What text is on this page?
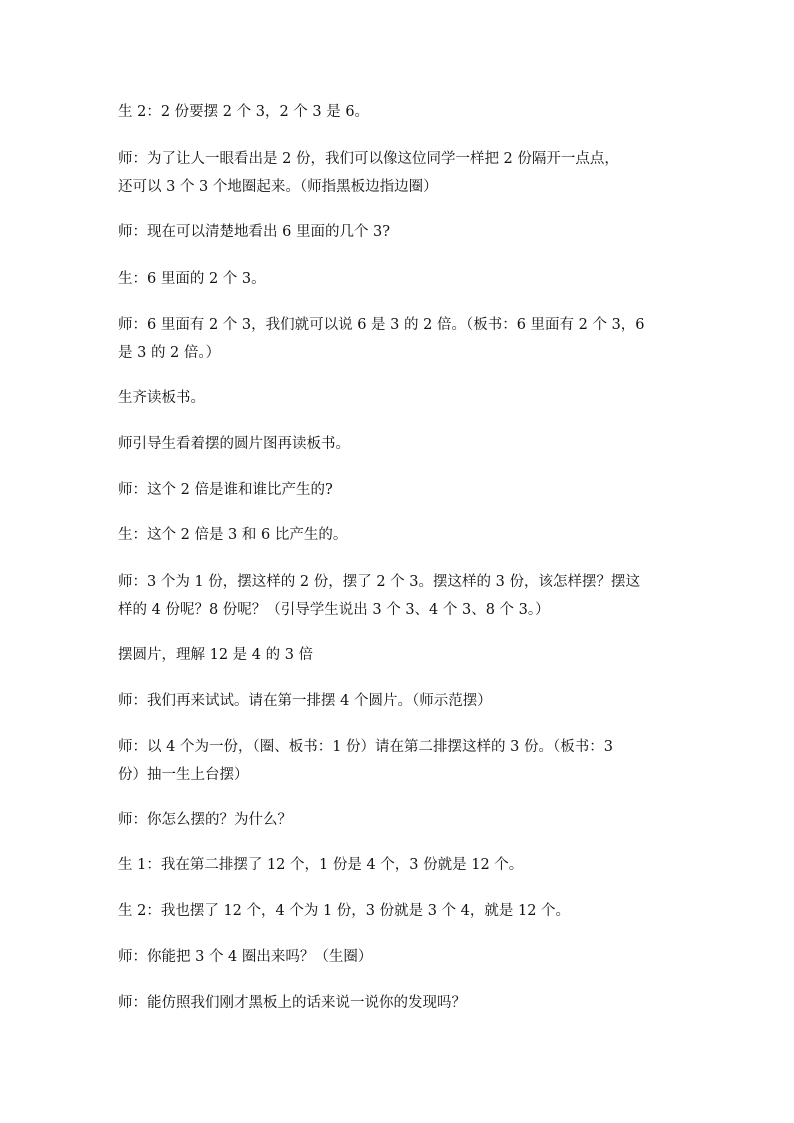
生 2：2 份要摆 2 个 3，2 个 3 是 6。

师：为了让人一眼看出是 2 份，我们可以像这位同学一样把 2 份隔开一点点，
还可以 3 个 3 个地圈起来。（师指黑板边指边圈）

师：现在可以清楚地看出 6 里面的几个 3?

生：6 里面的 2 个 3。

师：6 里面有 2 个 3，我们就可以说 6 是 3 的 2 倍。（板书：6 里面有 2 个 3，6
是 3 的 2 倍。）

生齐读板书。

师引导生看着摆的圆片图再读板书。

师：这个 2 倍是谁和谁比产生的?

生：这个 2 倍是 3 和 6 比产生的。

师：3 个为 1 份，摆这样的 2 份，摆了 2 个 3。摆这样的 3 份，该怎样摆？摆这
样的 4 份呢？8 份呢？（引导学生说出 3 个 3、4 个 3、8 个 3。）

摆圆片，理解 12 是 4 的 3 倍

师：我们再来试试。请在第一排摆 4 个圆片。（师示范摆）

师：以 4 个为一份，（圈、板书：1 份）请在第二排摆这样的 3 份。（板书：3
份）抽一生上台摆）

师：你怎么摆的？为什么？

生 1：我在第二排摆了 12 个，1 份是 4 个，3 份就是 12 个。

生 2：我也摆了 12 个，4 个为 1 份，3 份就是 3 个 4，就是 12 个。

师：你能把 3 个 4 圈出来吗？（生圈）

师：能仿照我们刚才黑板上的话来说一说你的发现吗？
